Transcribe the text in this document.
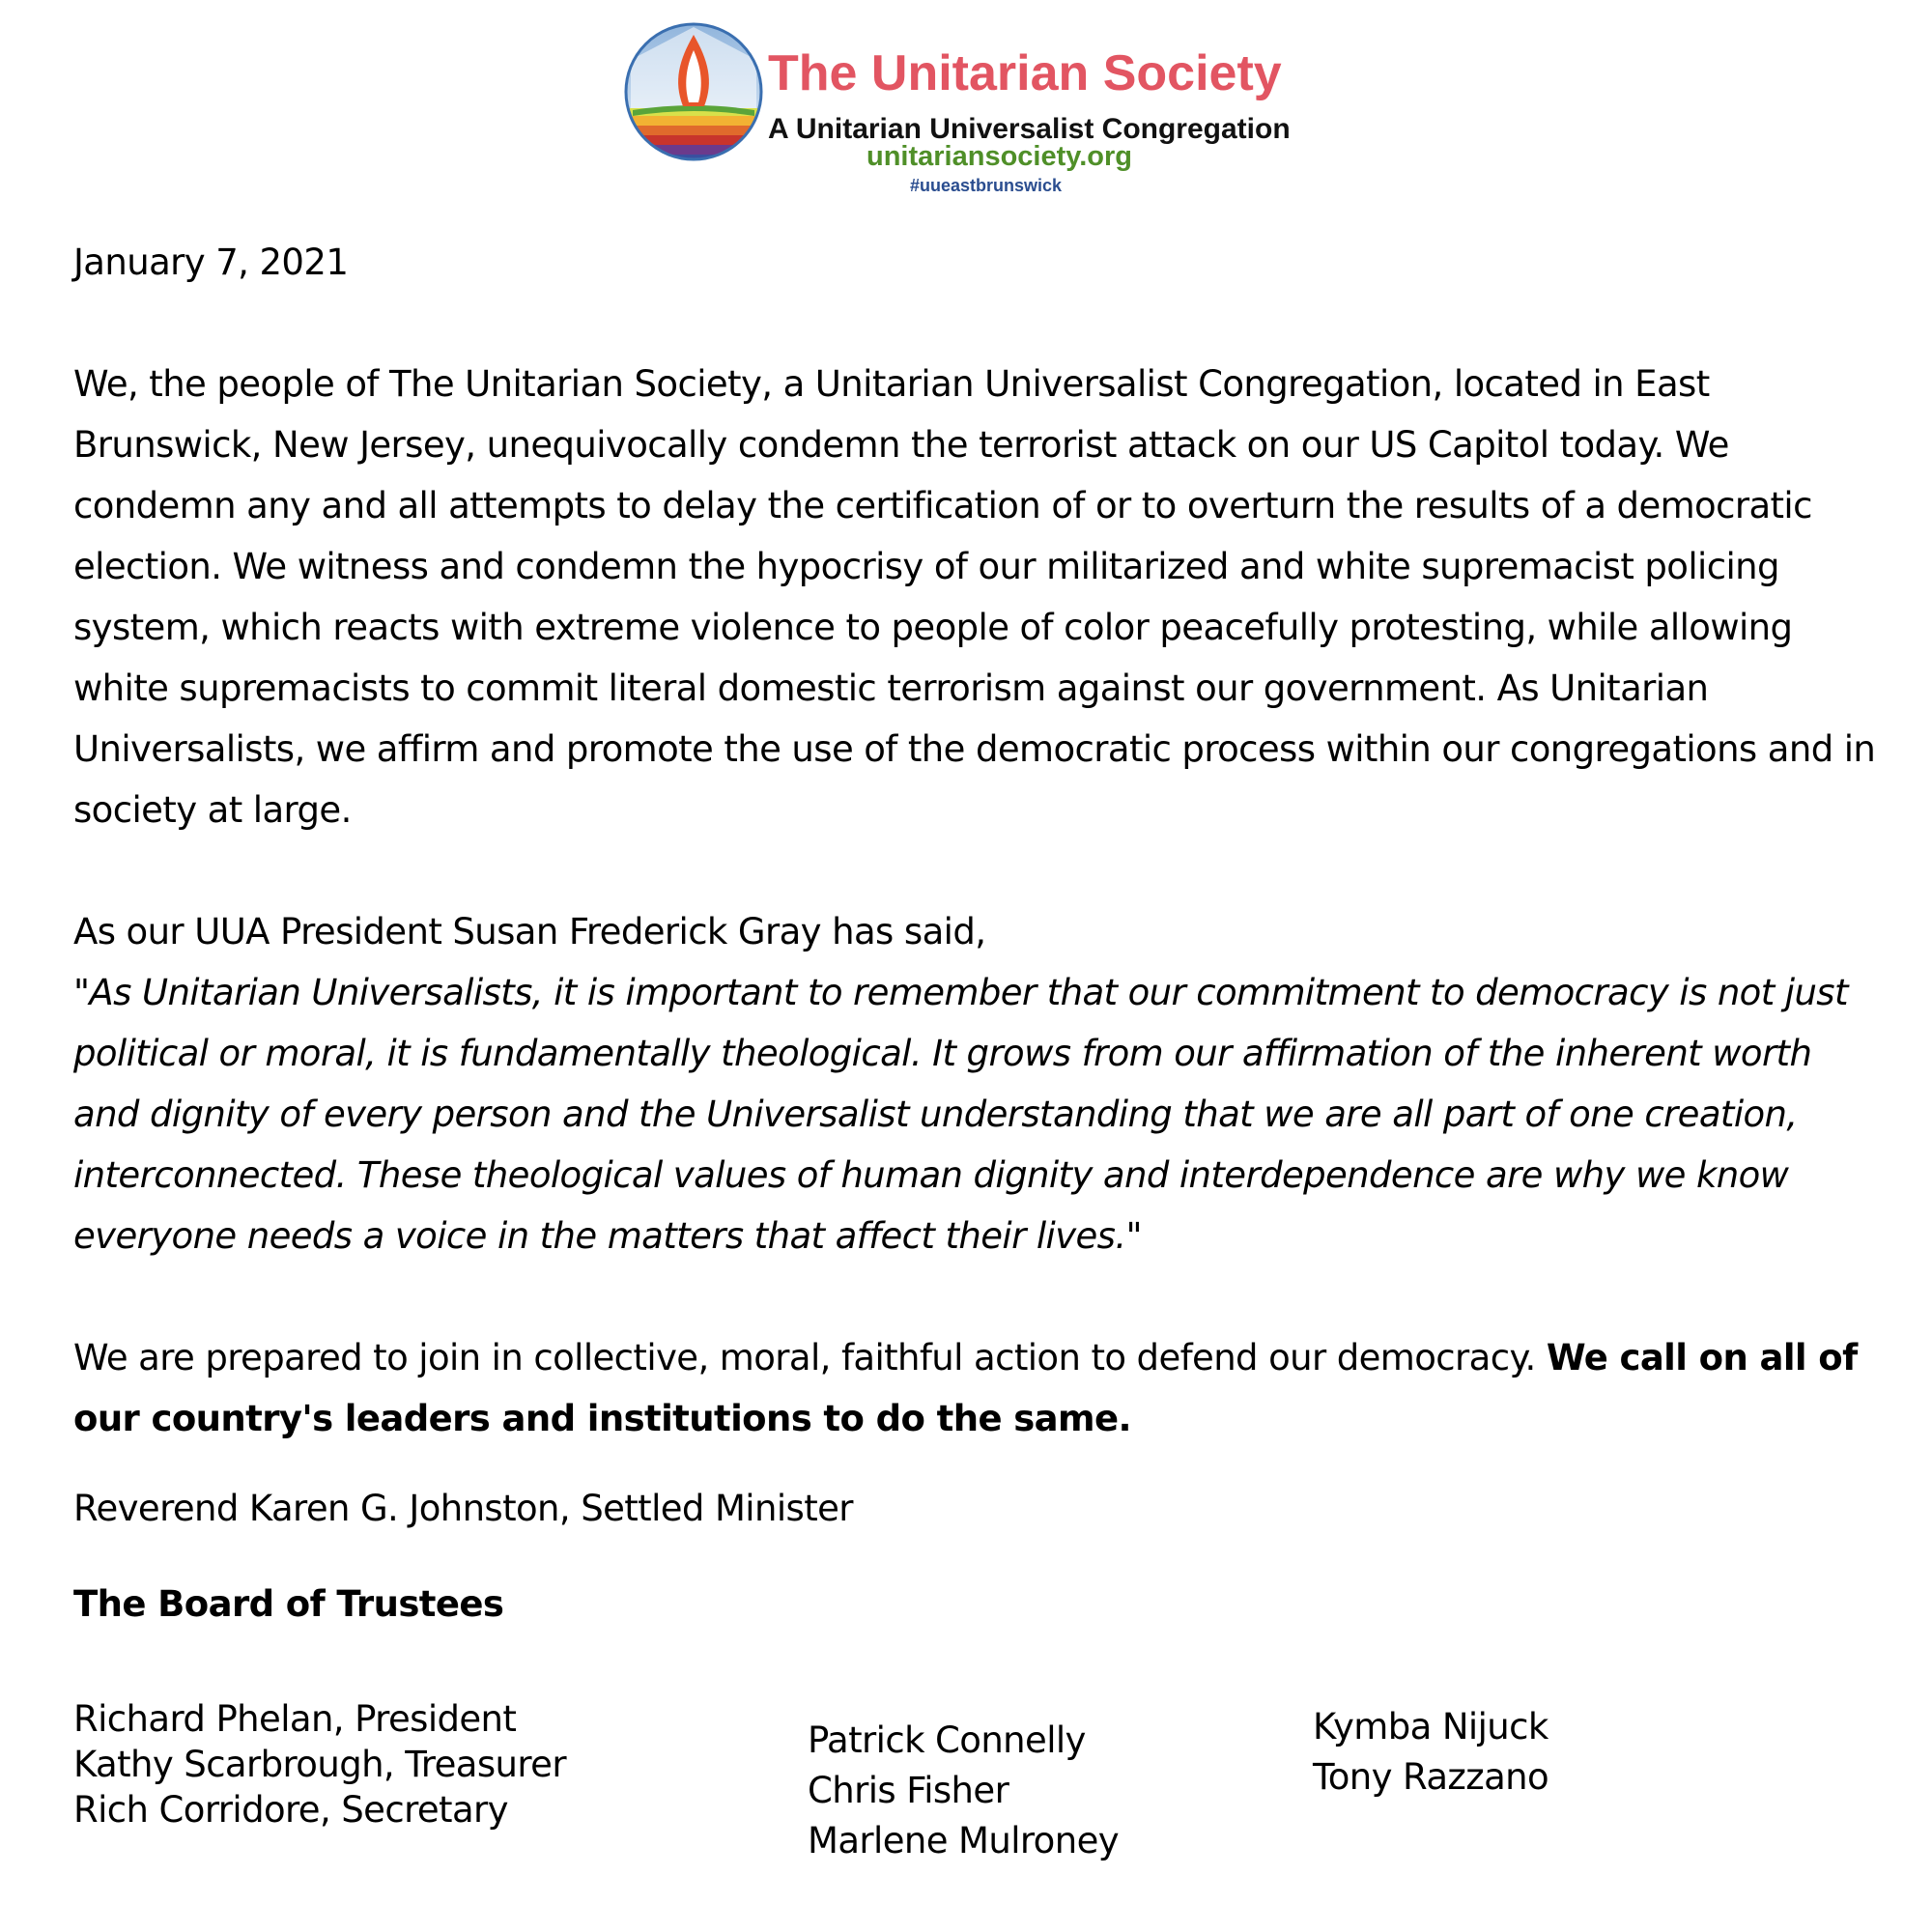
The Unitarian Society
A Unitarian Universalist Congregation
unitariansociety.org
#uueastbrunswick

January 7, 2021

We, the people of The Unitarian Society, a Unitarian Universalist Congregation, located in East Brunswick, New Jersey, unequivocally condemn the terrorist attack on our US Capitol today. We condemn any and all attempts to delay the certification of or to overturn the results of a democratic election. We witness and condemn the hypocrisy of our militarized and white supremacist policing system, which reacts with extreme violence to people of color peacefully protesting, while allowing white supremacists to commit literal domestic terrorism against our government. As Unitarian Universalists, we affirm and promote the use of the democratic process within our congregations and in society at large.

As our UUA President Susan Frederick Gray has said,

"As Unitarian Universalists, it is important to remember that our commitment to democracy is not just political or moral, it is fundamentally theological. It grows from our affirmation of the inherent worth and dignity of every person and the Universalist understanding that we are all part of one creation, interconnected. These theological values of human dignity and interdependence are why we know everyone needs a voice in the matters that affect their lives."

We are prepared to join in collective, moral, faithful action to defend our democracy. We call on all of our country's leaders and institutions to do the same.

Reverend Karen G. Johnston, Settled Minister

The Board of Trustees

Richard Phelan, President
Kathy Scarbrough, Treasurer
Rich Corridore, Secretary
Patrick Connelly
Chris Fisher
Marlene Mulroney
Kymba Nijuck
Tony Razzano
